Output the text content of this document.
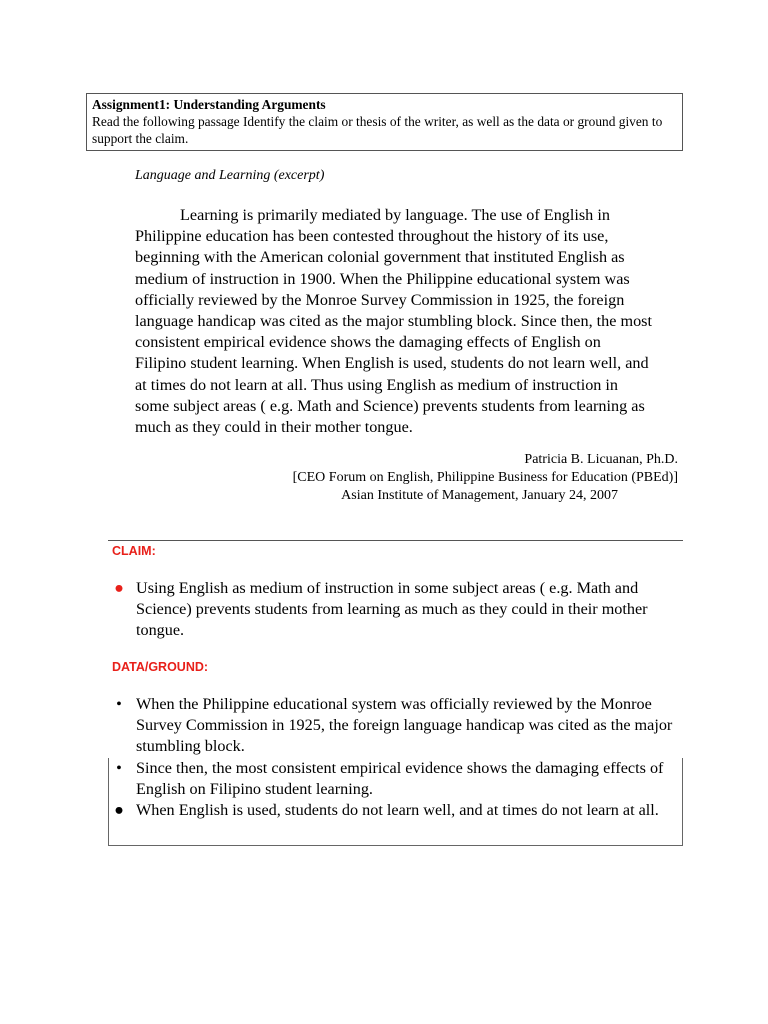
Assignment1: Understanding Arguments
Read the following passage Identify the claim or thesis of the writer, as well as the data or ground given to support the claim.
Language and Learning (excerpt)

Learning is primarily mediated by language. The use of English in Philippine education has been contested throughout the history of its use, beginning with the American colonial government that instituted English as medium of instruction in 1900. When the Philippine educational system was officially reviewed by the Monroe Survey Commission in 1925, the foreign language handicap was cited as the major stumbling block. Since then, the most consistent empirical evidence shows the damaging effects of English on Filipino student learning. When English is used, students do not learn well, and at times do not learn at all. Thus using English as medium of instruction in some subject areas ( e.g. Math and Science) prevents students from learning as much as they could in their mother tongue.

Patricia B. Licuanan, Ph.D.
[CEO Forum on English, Philippine Business for Education (PBEd)]
Asian Institute of Management, January 24, 2007
CLAIM:
● Using English as medium of instruction in some subject areas ( e.g. Math and Science) prevents students from learning as much as they could in their mother tongue.
DATA/GROUND:
• When the Philippine educational system was officially reviewed by the Monroe Survey Commission in 1925, the foreign language handicap was cited as the major stumbling block.
• Since then, the most consistent empirical evidence shows the damaging effects of English on Filipino student learning.
● When English is used, students do not learn well, and at times do not learn at all.
